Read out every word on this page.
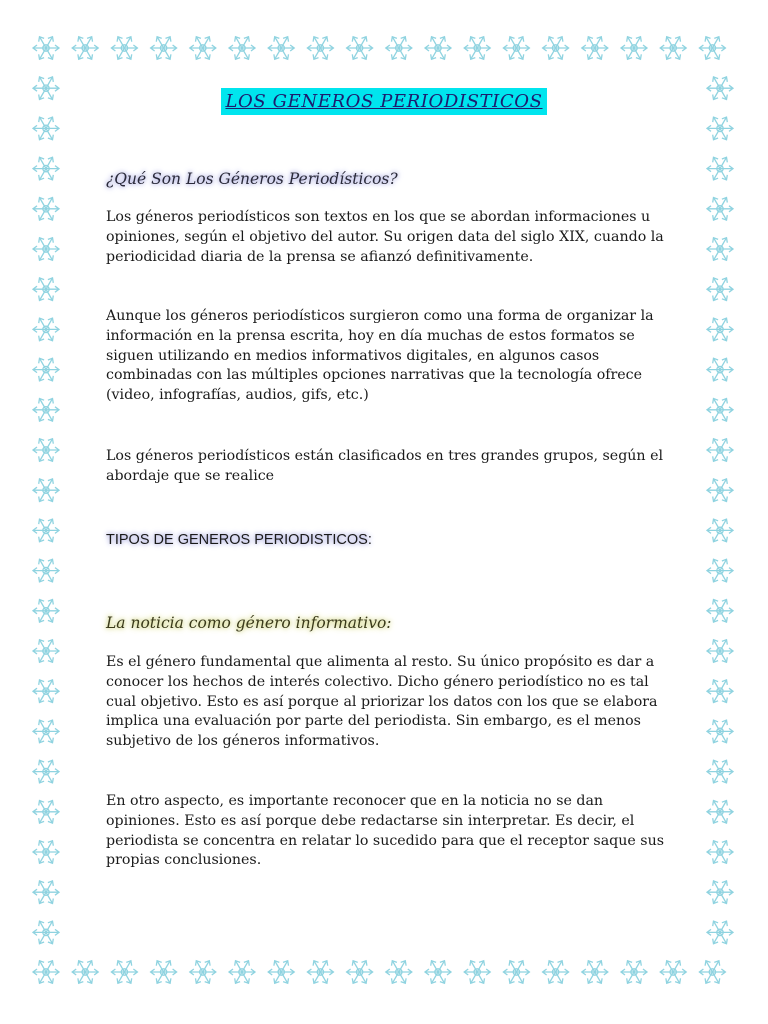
LOS GENEROS PERIODISTICOS
¿Qué Son Los Géneros Periodísticos?
Los géneros periodísticos son textos en los que se abordan informaciones u opiniones, según el objetivo del autor. Su origen data del siglo XIX, cuando la periodicidad diaria de la prensa se afianzó definitivamente.
Aunque los géneros periodísticos surgieron como una forma de organizar la información en la prensa escrita, hoy en día muchas de estos formatos se siguen utilizando en medios informativos digitales, en algunos casos combinadas con las múltiples opciones narrativas que la tecnología ofrece (video, infografías, audios, gifs, etc.)
Los géneros periodísticos están clasificados en tres grandes grupos, según el abordaje que se realice
TIPOS DE GENEROS PERIODISTICOS:
La noticia como género informativo:
Es el género fundamental que alimenta al resto. Su único propósito es dar a conocer los hechos de interés colectivo. Dicho género periodístico no es tal cual objetivo. Esto es así porque al priorizar los datos con los que se elabora implica una evaluación por parte del periodista. Sin embargo, es el menos subjetivo de los géneros informativos.
En otro aspecto, es importante reconocer que en la noticia no se dan opiniones. Esto es así porque debe redactarse sin interpretar. Es decir, el periodista se concentra en relatar lo sucedido para que el receptor saque sus propias conclusiones.
